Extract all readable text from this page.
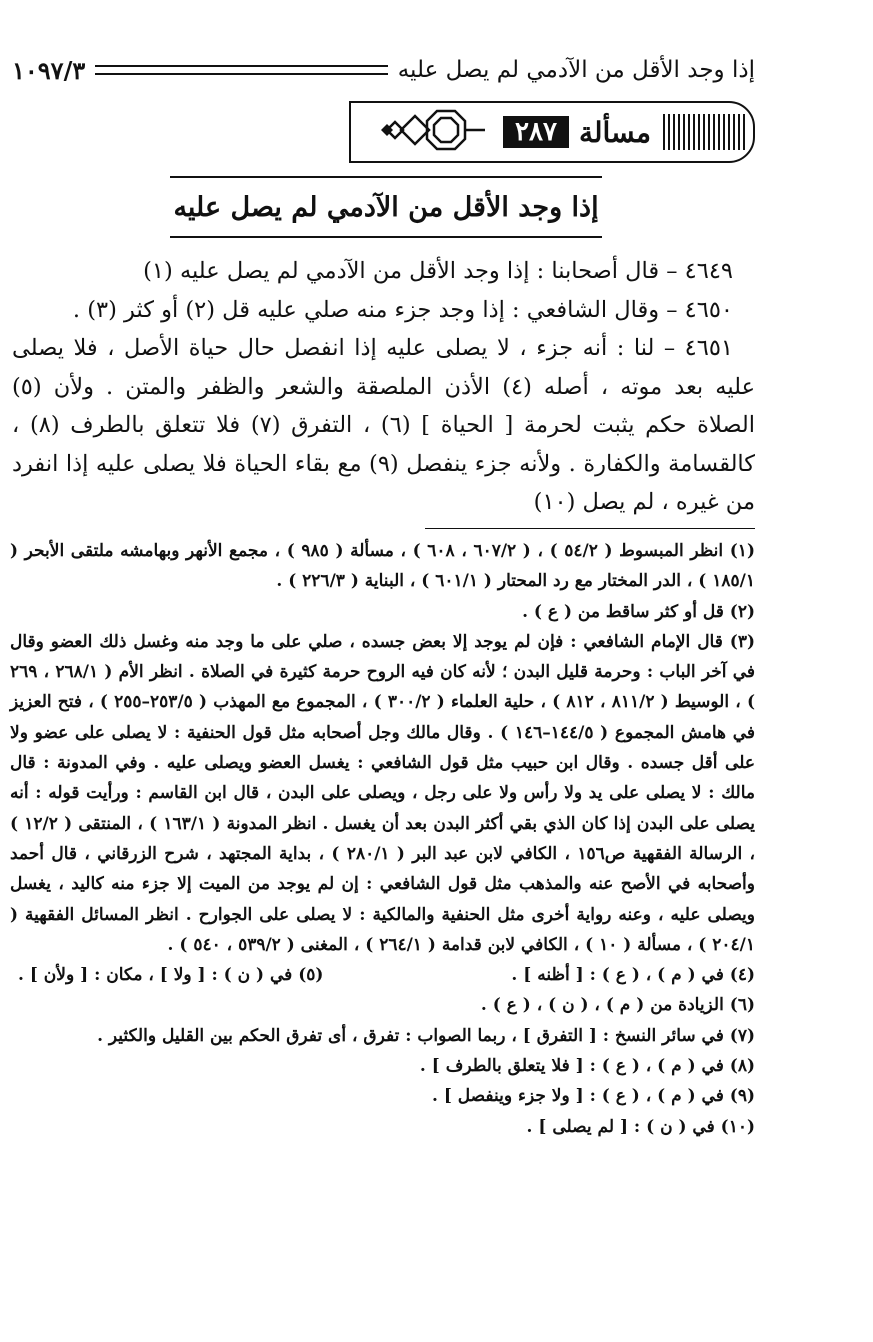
إذا وجد الأقل من الآدمي لم يصل عليه
١٠٩٧/٣
مسألة
٢٨٧
إذا وجد الأقل من الآدمي لم يصل عليه

٤٦٤٩ – قال أصحابنا : إذا وجد الأقل من الآدمي لم يصل عليه (١)

٤٦٥٠ – وقال الشافعي : إذا وجد جزء منه صلي عليه قل (٢) أو كثر (٣) .

٤٦٥١ – لنا : أنه جزء ، لا يصلى عليه إذا انفصل حال حياة الأصل ، فلا يصلى عليه بعد موته ، أصله (٤) الأذن الملصقة والشعر والظفر والمتن . ولأن (٥) الصلاة حكم يثبت لحرمة [ الحياة ] (٦) ، التفرق (٧) فلا تتعلق بالطرف (٨) ، كالقسامة والكفارة . ولأنه جزء ينفصل (٩) مع بقاء الحياة فلا يصلى عليه إذا انفرد من غيره ، لم يصل (١٠)

(١) انظر المبسوط ( ٥٤/٢ ) ، ( ٦٠٧/٢ ، ٦٠٨ ) ، مسألة ( ٩٨٥ ) ، مجمع الأنهر وبهامشه ملتقى الأبحر ( ١٨٥/١ ) ، الدر المختار مع رد المحتار ( ٦٠١/١ ) ، البناية ( ٢٢٦/٣ ) .

(٢) قل أو كثر ساقط من ( ع ) .

(٣) قال الإمام الشافعي : فإن لم يوجد إلا بعض جسده ، صلي على ما وجد منه وغسل ذلك العضو وقال في آخر الباب : وحرمة قليل البدن ؛ لأنه كان فيه الروح حرمة كثيرة في الصلاة . انظر الأم ( ٢٦٨/١ ، ٢٦٩ ) ، الوسيط ( ٨١١/٢ ، ٨١٢ ) ، حلية العلماء ( ٣٠٠/٢ ) ، المجموع مع المهذب ( ٢٥٣/٥–٢٥٥ ) ، فتح العزيز في هامش المجموع ( ١٤٤/٥–١٤٦ ) . وقال مالك وجل أصحابه مثل قول الحنفية : لا يصلى على عضو ولا على أقل جسده . وقال ابن حبيب مثل قول الشافعي : يغسل العضو ويصلى عليه . وفي المدونة : قال مالك : لا يصلى على يد ولا رأس ولا على رجل ، ويصلى على البدن ، قال ابن القاسم : ورأيت قوله : أنه يصلى على البدن إذا كان الذي بقي أكثر البدن بعد أن يغسل . انظر المدونة ( ١٦٣/١ ) ، المنتقى ( ١٢/٢ ) ، الرسالة الفقهية ص١٥٦ ، الكافي لابن عبد البر ( ٢٨٠/١ ) ، بداية المجتهد ، شرح الزرقاني ، قال أحمد وأصحابه في الأصح عنه والمذهب مثل قول الشافعي : إن لم يوجد من الميت إلا جزء منه كاليد ، يغسل ويصلى عليه ، وعنه رواية أخرى مثل الحنفية والمالكية : لا يصلى على الجوارح . انظر المسائل الفقهية ( ٢٠٤/١ ) ، مسألة ( ١٠ ) ، الكافي لابن قدامة ( ٢٦٤/١ ) ، المغنى ( ٥٣٩/٢ ، ٥٤٠ ) .

(٤) في ( م ) ، ( ع ) : [ أظنه ] .
(٥) في ( ن ) : [ ولا ] ، مكان : [ ولأن ] .

(٦) الزيادة من ( م ) ، ( ن ) ، ( ع ) .

(٧) في سائر النسخ : [ التفرق ] ، ربما الصواب : تفرق ، أى تفرق الحكم بين القليل والكثير .

(٨) في ( م ) ، ( ع ) : [ فلا يتعلق بالطرف ] .

(٩) في ( م ) ، ( ع ) : [ ولا جزء وينفصل ] .

(١٠) في ( ن ) : [ لم يصلى ] .
